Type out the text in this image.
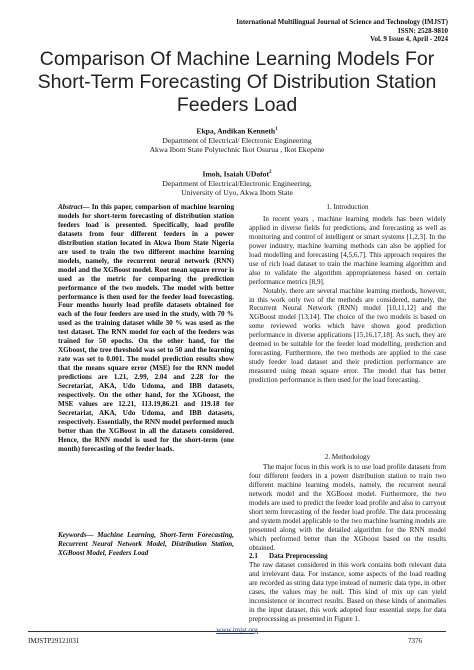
International Multilingual Journal of Science and Technology (IMJST)
ISSN: 2528-9810
Vol. 9 Issue 4, April - 2024
Comparison Of Machine Learning Models For
Short-Term Forecasting Of Distribution Station
Feeders Load
Ekpa, Andikan Kenneth$^1$
Department of Electrical/ Electronic Engineering
Akwa Ibom State Polytechnic Ikot Osurua , Ikot Ekepene
Imoh, Isaiah UDofot$^2$
Department of Electrical/Electronic Engineering,
University of Uyo, Akwa Ibom State
Abstract— In this paper, comparison of machine learning models for short-term forecasting of distribution station feeders load is presented. Specifically, load profile datasets from four different feeders in a power distribution station located in Akwa Ibom State Nigeria are used to train the two different machine learning models, namely, the recurrent neural network (RNN) model and the XGBoost model. Root mean square error is used as the metric for comparing the prediction performance of the two models. The model with better performance is then used for the feeder load forecasting. Four months hourly load profile datasets obtained for each of the four feeders are used in the study, with 70 % used as the training dataset while 30 % was used as the test dataset. The RNN model for each of the feeders was trained for 50 epochs. On the other hand, for the XGboost, the tree threshold was set to 50 and the learning rate was set to 0.001. The model prediction results show that the means square error (MSE) for the RNN model predictions are 1.21, 2.99, 2.04 and 2.28 for the Secretariat, AKA, Udo Udoma, and IBB datasets, respectively. On the other hand, for the XGboost, the MSE values are 12.21, 113.19,86.21 and 119.18 for Secretariat, AKA, Udo Udoma, and IBB datasets, respectively. Essentially, the RNN model performed much better than the XGBoost in all the datasets considered. Hence, the RNN model is used for the short-term (one month) forecasting of the feeder loads.
Keywords— Machine Learning, Short-Term Forecasting, Recurrent Neural Network Model, Distribution Station, XGBoost Model, Feeders Load
1. Introduction

In recent years , machine learning models has been widely applied in diverse fields for predictions, and forecasting as well as monitoring and control of intelligent or smart systems [1,2,3]. In the power industry, machine learning methods can also be applied for load modelling and forecasting [4,5,6,7]. This approach requires the use of rich load dataset to train the machine learning algorithm and also to validate the algorithm appropriateness based on certain performance metrics [8,9].

Notably, there are several machine learning methods, however, in this work only two of the methods are considered, namely, the Recurrent Neural Network (RNN) model [10,11,12] and the XGBoost model [13,14]. The choice of the two models is based on some reviewed works which have shown good prediction performance in diverse applications [15,16,17,18]. As such, they are deemed to be suitable for the feeder load modelling, prediction and forecasting. Furthermore, the two methods are applied to the case study feeder load dataset and their prediction performance are measured using mean square error. The model that has better prediction performance is then used for the load forecasting.

2. Methodology

The major focus in this work is to use load profile datasets from four different feeders in a power distribution station to train two different machine learning models, namely, the recurrent neural network model and the XGBoost model. Furthermore, the two models are used to predict the feeder load profile and also to carryout short term forecasting of the feeder load profile. The data processing and system model applicable to the two machine learning models are presented along with the detailed algorithm for the RNN model which performed better than the XGboost based on the results obtained.

2.1	Data Preprocessing

The raw dataset considered in this work contains both relevant data and irrelevant data. For instance, some aspects of the load reading are recorded as string data type instead of numeric data type, in other cases, the values may be null. This kind of mix up can yield inconsistence or incorrect results. Based on these kinds of anomalies in the input dataset, this work adopted four essential steps for data preprocessing as presented in Figure 1.

www.imjst.org
IMJSTP29121031	7376
